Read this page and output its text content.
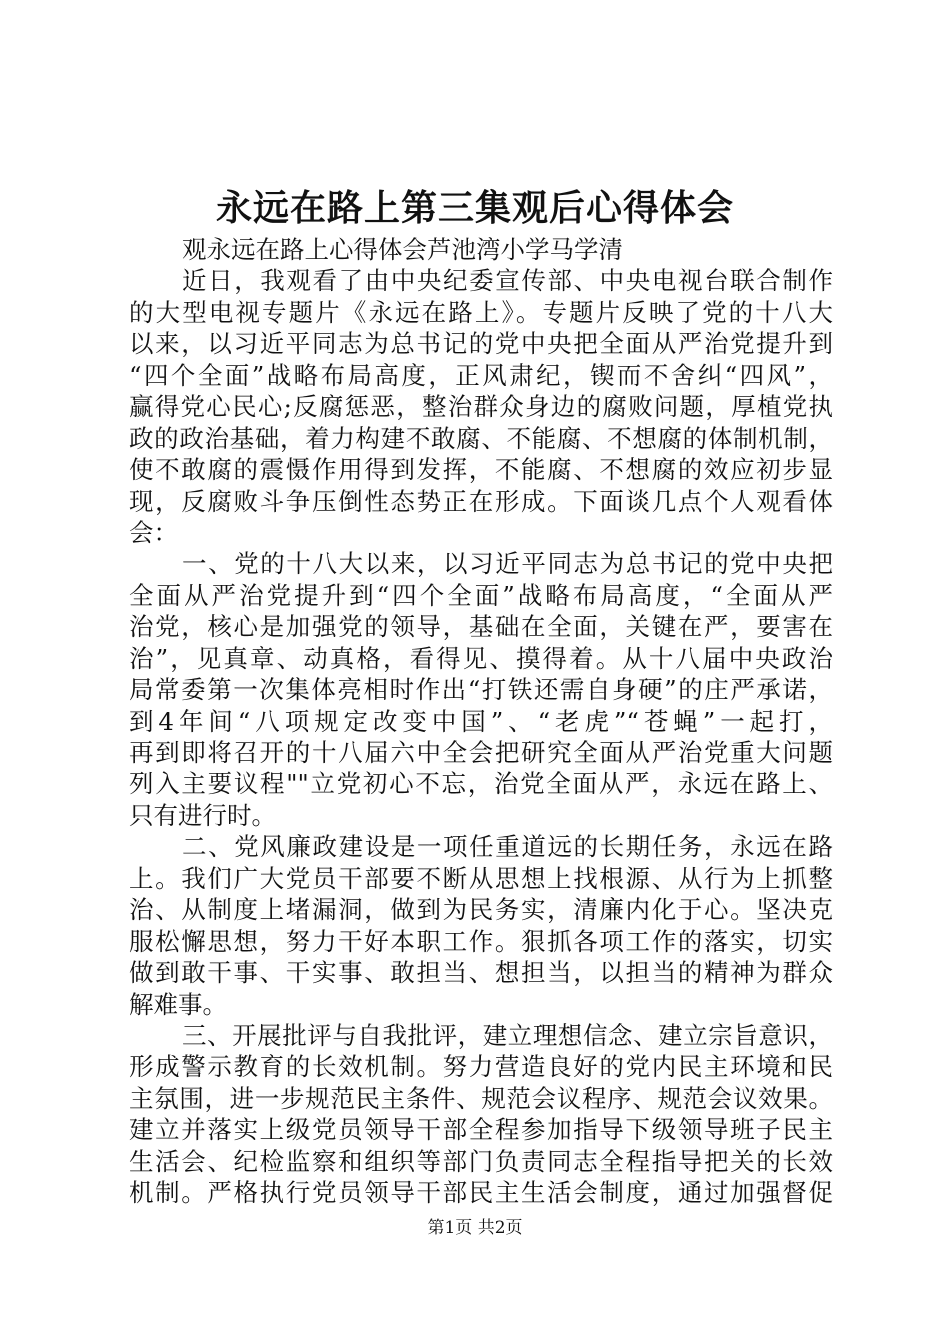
永远在路上第三集观后心得体会
观永远在路上心得体会芦池湾小学马学清
近日，我观看了由中央纪委宣传部、中央电视台联合制作
的大型电视专题片《永远在路上》。专题片反映了党的十八大
以来，以习近平同志为总书记的党中央把全面从严治党提升到
“四个全面”战略布局高度，正风肃纪，锲而不舍纠“四风”，
赢得党心民心;反腐惩恶，整治群众身边的腐败问题，厚植党执
政的政治基础，着力构建不敢腐、不能腐、不想腐的体制机制，
使不敢腐的震慑作用得到发挥，不能腐、不想腐的效应初步显
现，反腐败斗争压倒性态势正在形成。下面谈几点个人观看体
会：
一、党的十八大以来，以习近平同志为总书记的党中央把
全面从严治党提升到“四个全面”战略布局高度，“全面从严
治党，核心是加强党的领导，基础在全面，关键在严，要害在
治”，见真章、动真格，看得见、摸得着。从十八届中央政治
局常委第一次集体亮相时作出“打铁还需自身硬”的庄严承诺，
到4年间“八项规定改变中国”、“老虎”“苍蝇”一起打，
再到即将召开的十八届六中全会把研究全面从严治党重大问题
列入主要议程""立党初心不忘，治党全面从严，永远在路上、
只有进行时。
二、党风廉政建设是一项任重道远的长期任务，永远在路
上。我们广大党员干部要不断从思想上找根源、从行为上抓整
治、从制度上堵漏洞，做到为民务实，清廉内化于心。坚决克
服松懈思想，努力干好本职工作。狠抓各项工作的落实，切实
做到敢干事、干实事、敢担当、想担当，以担当的精神为群众
解难事。
三、开展批评与自我批评，建立理想信念、建立宗旨意识，
形成警示教育的长效机制。努力营造良好的党内民主环境和民
主氛围，进一步规范民主条件、规范会议程序、规范会议效果。
建立并落实上级党员领导干部全程参加指导下级领导班子民主
生活会、纪检监察和组织等部门负责同志全程指导把关的长效
机制。严格执行党员领导干部民主生活会制度，通过加强督促
第1页 共2页
